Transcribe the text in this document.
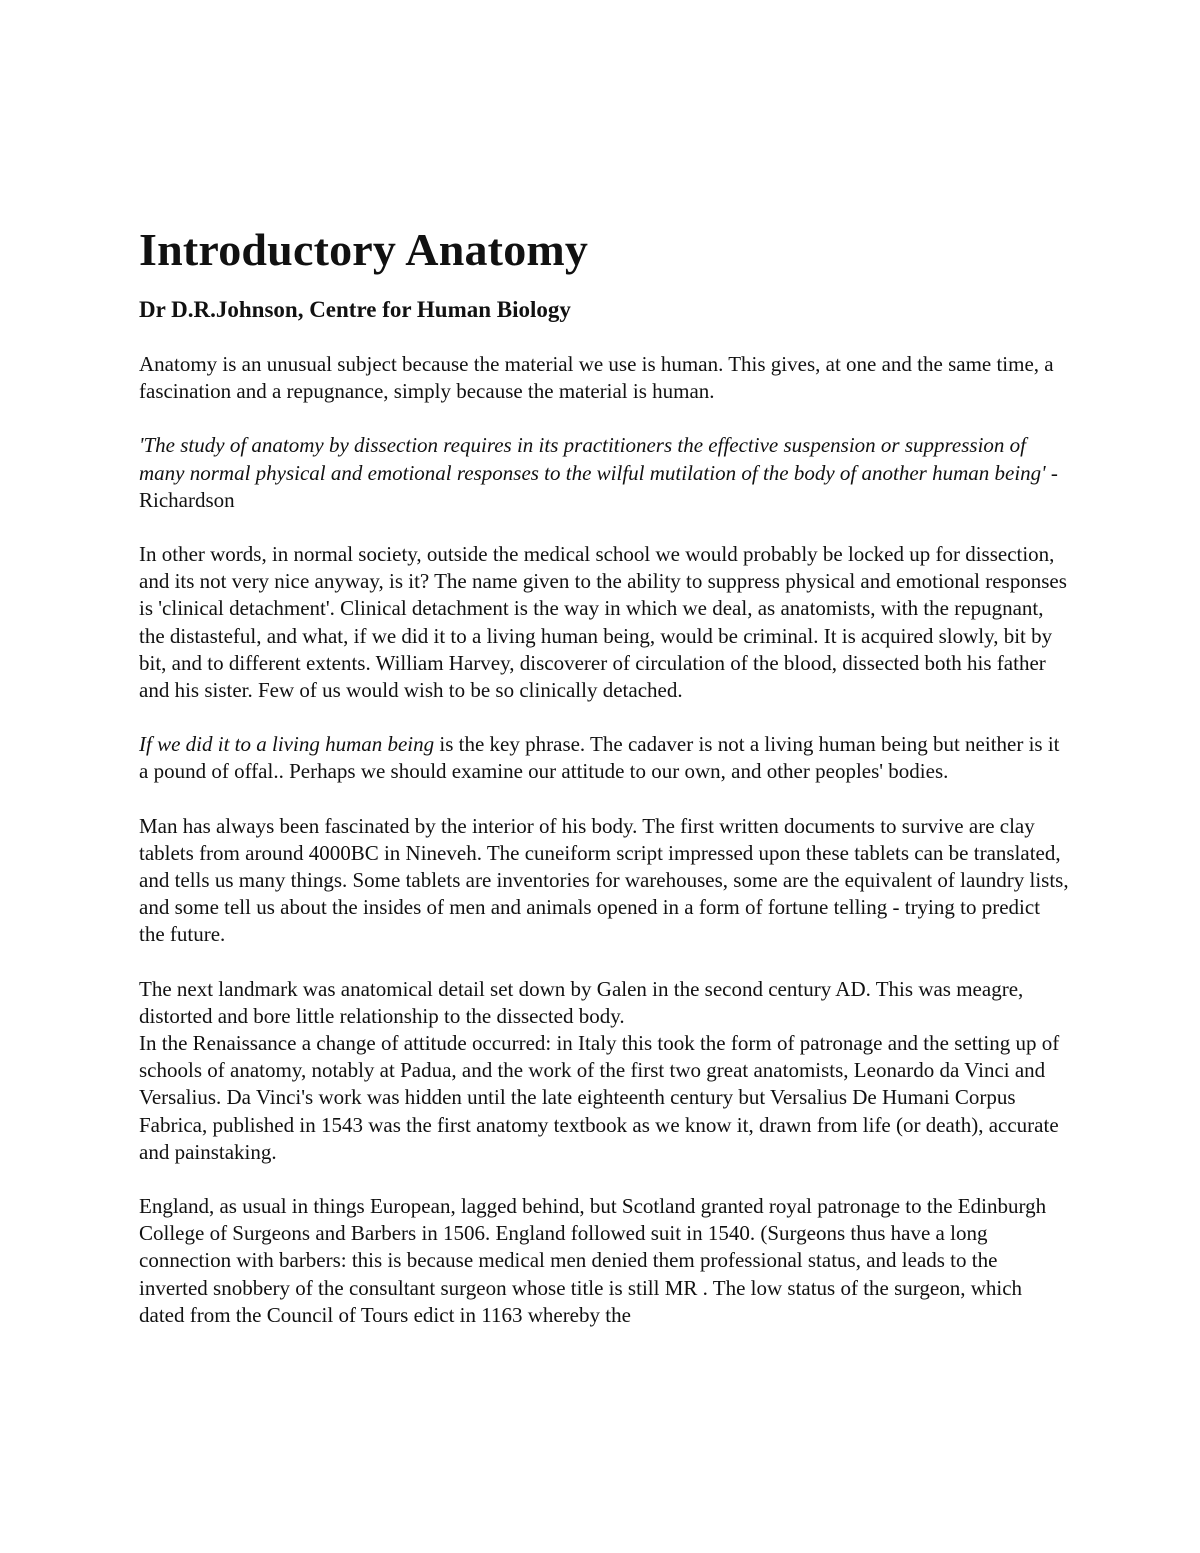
Introductory Anatomy
Dr D.R.Johnson, Centre for Human Biology

Anatomy is an unusual subject because the material we use is human. This gives, at one and the same time, a fascination and a repugnance, simply because the material is human.

'The study of anatomy by dissection requires in its practitioners the effective suspension or suppression of many normal physical and emotional responses to the wilful mutilation of the body of another human being' - Richardson

In other words, in normal society, outside the medical school we would probably be locked up for dissection, and its not very nice anyway, is it? The name given to the ability to suppress physical and emotional responses is 'clinical detachment'. Clinical detachment is the way in which we deal, as anatomists, with the repugnant, the distasteful, and what, if we did it to a living human being, would be criminal. It is acquired slowly, bit by bit, and to different extents. William Harvey, discoverer of circulation of the blood, dissected both his father and his sister. Few of us would wish to be so clinically detached.

If we did it to a living human being is the key phrase. The cadaver is not a living human being but neither is it a pound of offal.. Perhaps we should examine our attitude to our own, and other peoples' bodies.

Man has always been fascinated by the interior of his body. The first written documents to survive are clay tablets from around 4000BC in Nineveh. The cuneiform script impressed upon these tablets can be translated, and tells us many things. Some tablets are inventories for warehouses, some are the equivalent of laundry lists, and some tell us about the insides of men and animals opened in a form of fortune telling - trying to predict the future.

The next landmark was anatomical detail set down by Galen in the second century AD. This was meagre, distorted and bore little relationship to the dissected body.

In the Renaissance a change of attitude occurred: in Italy this took the form of patronage and the setting up of schools of anatomy, notably at Padua, and the work of the first two great anatomists, Leonardo da Vinci and Versalius. Da Vinci's work was hidden until the late eighteenth century but Versalius De Humani Corpus Fabrica, published in 1543 was the first anatomy textbook as we know it, drawn from life (or death), accurate and painstaking.

England, as usual in things European, lagged behind, but Scotland granted royal patronage to the Edinburgh College of Surgeons and Barbers in 1506. England followed suit in 1540. (Surgeons thus have a long connection with barbers: this is because medical men denied them professional status, and leads to the inverted snobbery of the consultant surgeon whose title is still MR . The low status of the surgeon, which dated from the Council of Tours edict in 1163 whereby the
